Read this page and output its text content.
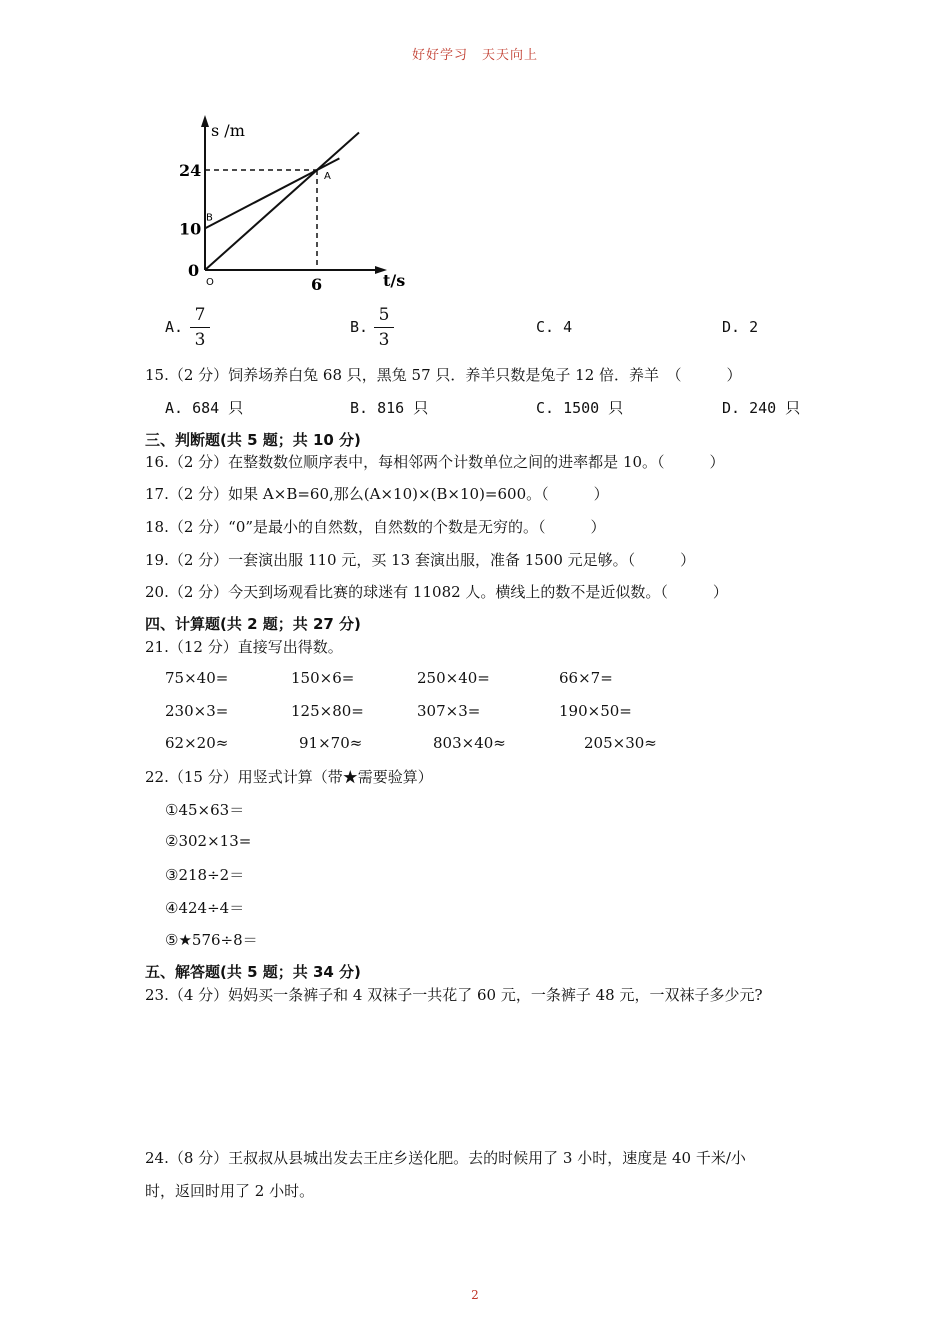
好好学习　天天向上
2
s /m
t/s
0
O
24
10
6
A
B
A.
7
3
B.
5
3
C. 4	D. 2
15.（2 分）饲养场养白兔 68 只，黑兔 57 只．养羊只数是兔子 12 倍．养羊　（　　　）
A. 684 只	B. 816 只	C. 1500 只	D. 240 只
三、判断题(共 5 题；共 10 分)
16.（2 分）在整数数位顺序表中，每相邻两个计数单位之间的进率都是 10。（　　　）
17.（2 分）如果 A×B=60,那么(A×10)×(B×10)=600。（　　　）
18.（2 分）“0”是最小的自然数，自然数的个数是无穷的。（　　　）
19.（2 分）一套演出服 110 元，买 13 套演出服，准备 1500 元足够。（　　　）
20.（2 分）今天到场观看比赛的球迷有 11082 人。横线上的数不是近似数。（　　　）
四、计算题(共 2 题；共 27 分)
21.（12 分）直接写出得数。
75×40=	150×6=	250×40=	66×7=
230×3=	125×80=	307×3=	190×50=
62×20≈	91×70≈	803×40≈	205×30≈
22.（15 分）用竖式计算（带★需要验算）
①45×63＝
②302×13=
③218÷2＝
④424÷4＝
⑤★576÷8＝
五、解答题(共 5 题；共 34 分)
23.（4 分）妈妈买一条裤子和 4 双袜子一共花了 60 元，一条裤子 48 元，一双袜子多少元?
24.（8 分）王叔叔从县城出发去王庄乡送化肥。去的时候用了 3 小时，速度是 40 千米/小
时，返回时用了 2 小时。
